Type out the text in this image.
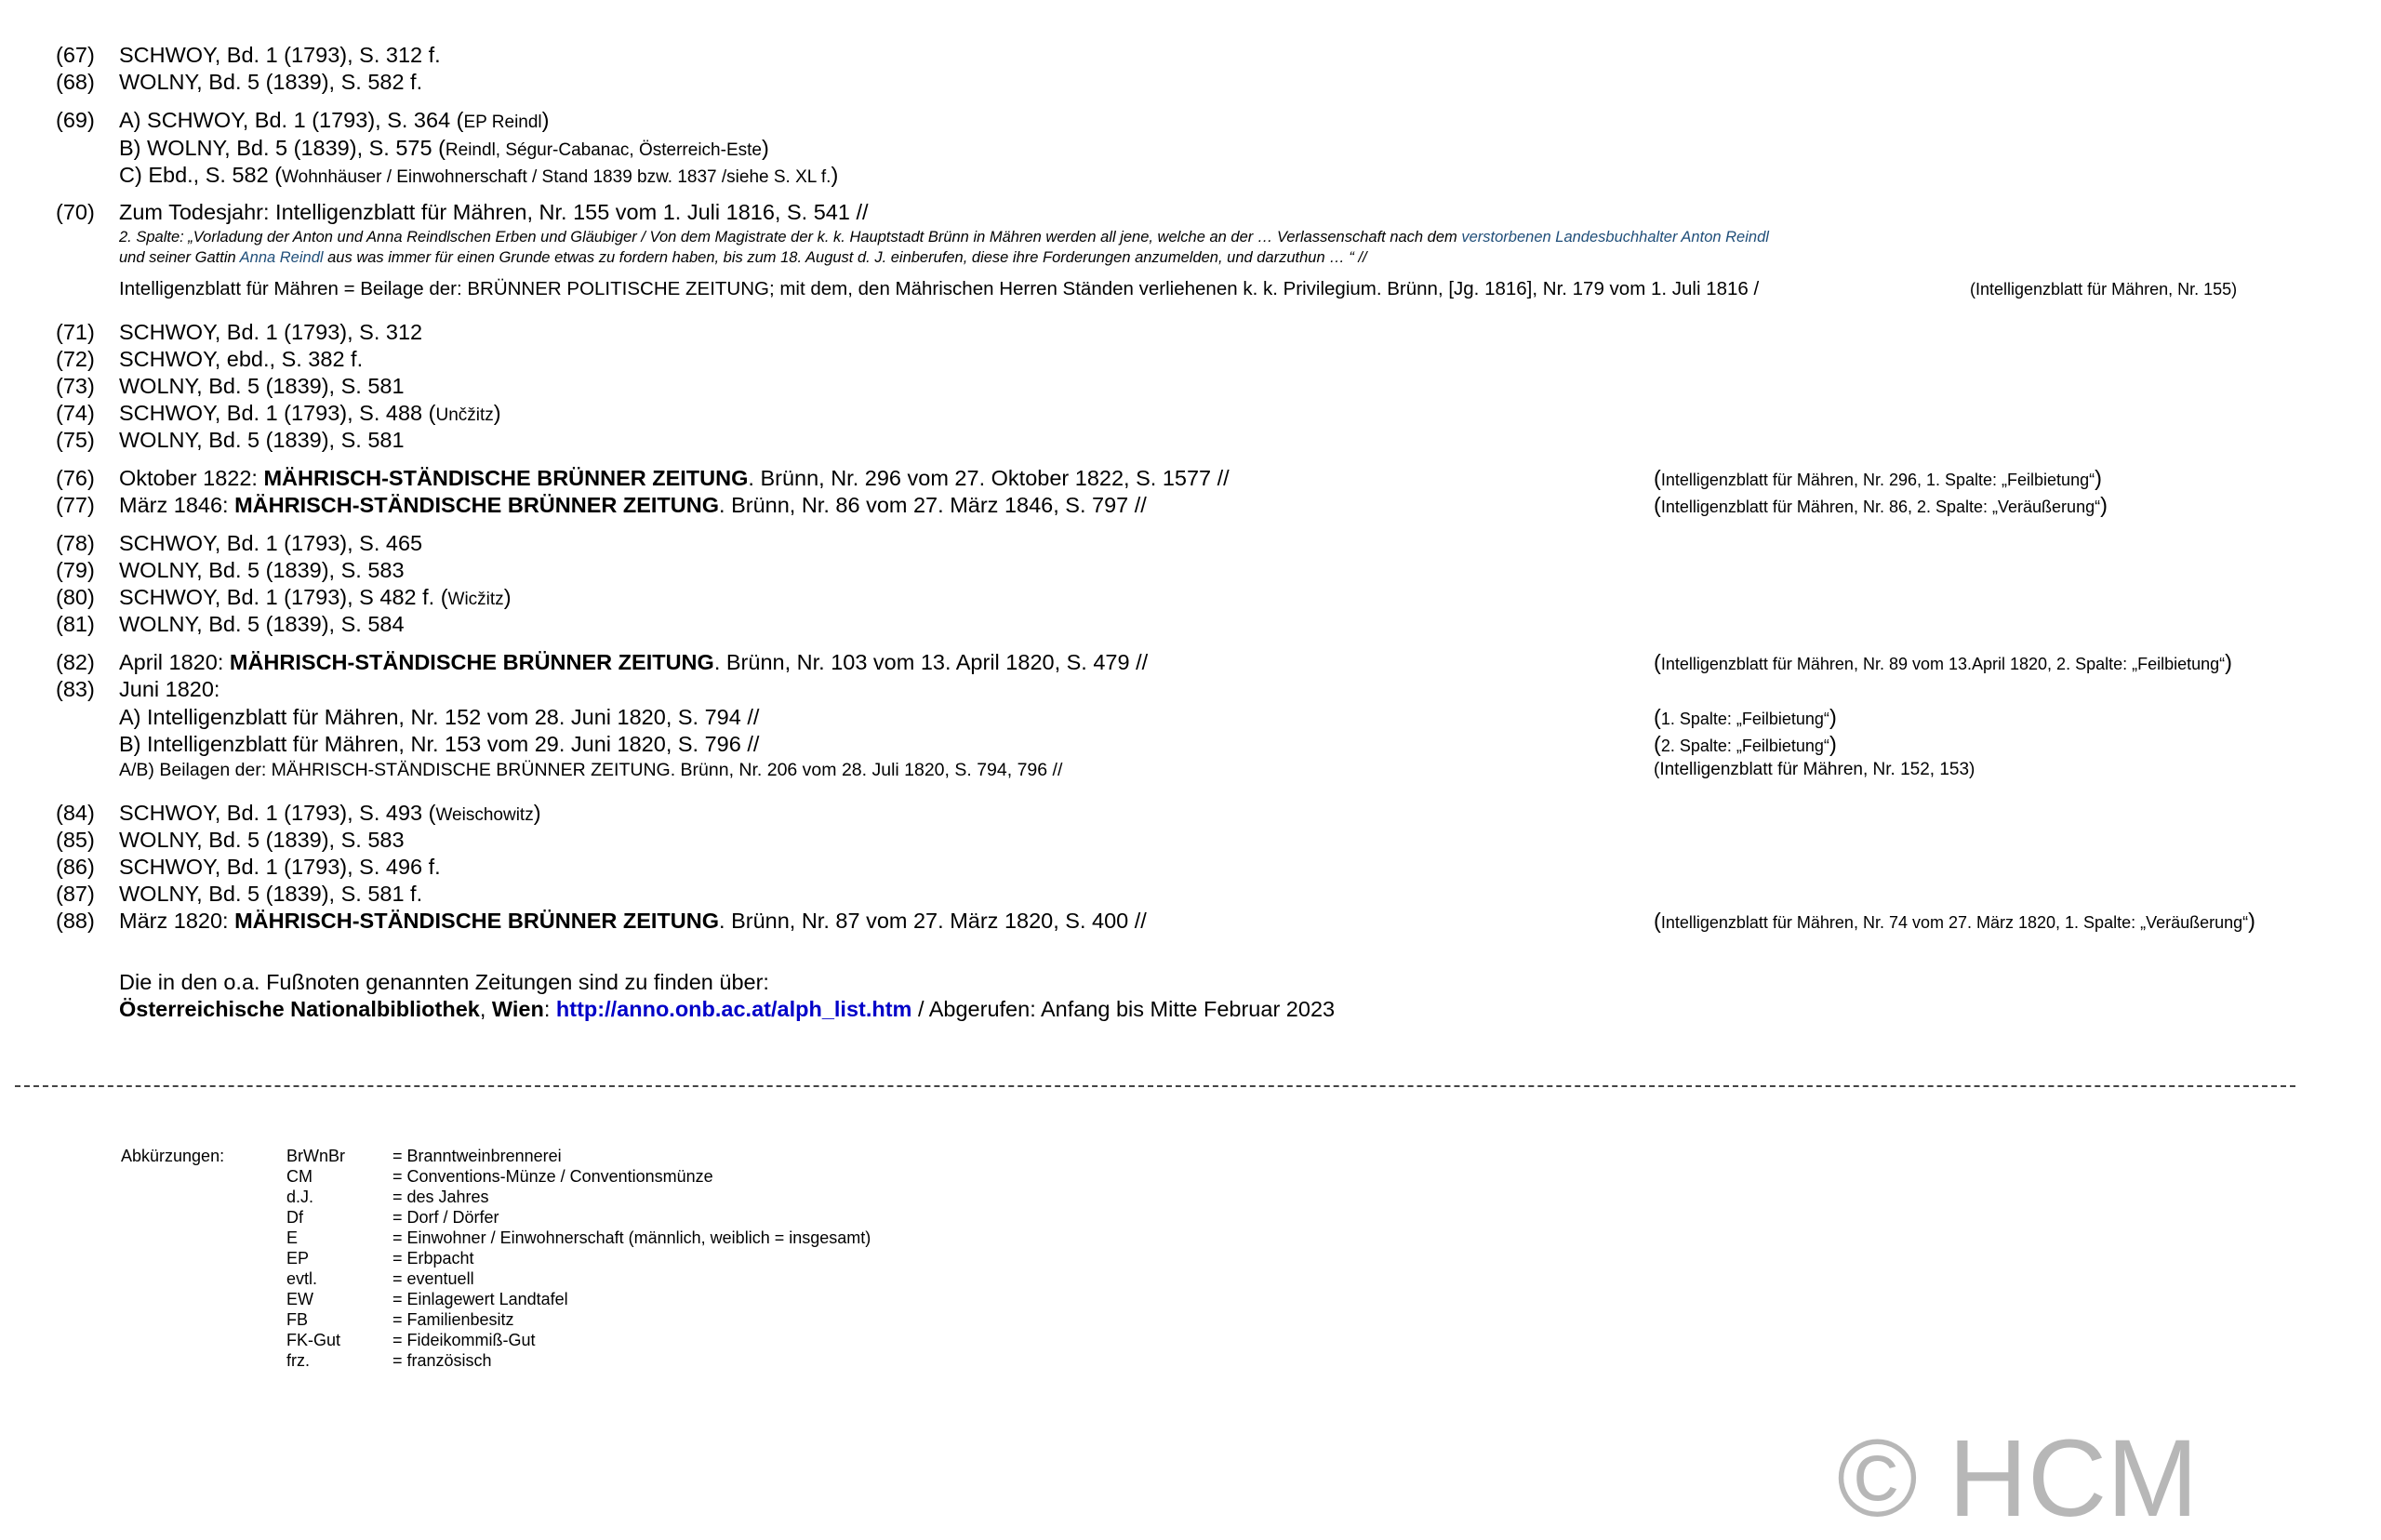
(67) SCHWOY, Bd. 1 (1793), S. 312 f.
(68) WOLNY, Bd. 5 (1839), S. 582 f.
(69) A) SCHWOY, Bd. 1 (1793), S. 364 (EP Reindl)
B) WOLNY, Bd. 5 (1839), S. 575 (Reindl, Ségur-Cabanac, Österreich-Este)
C) Ebd., S. 582 (Wohnhäuser / Einwohnerschaft / Stand 1839 bzw. 1837 /siehe S. XL f.)
(70) Zum Todesjahr: Intelligenzblatt für Mähren, Nr. 155 vom 1. Juli 1816, S. 541 //
2. Spalte: „Vorladung der Anton und Anna Reindlschen Erben und Gläubiger / Von dem Magistrate der k. k. Hauptstadt Brünn in Mähren werden all jene, welche an der … Verlassenschaft nach dem verstorbenen Landesbuchhalter Anton Reindl
und seiner Gattin Anna Reindl aus was immer für einen Grunde etwas zu fordern haben, bis zum 18. August d. J. einberufen, diese ihre Forderungen anzumelden, und darzuthun … “ //
Intelligenzblatt für Mähren = Beilage der: BRÜNNER POLITISCHE ZEITUNG; mit dem, den Mährischen Herren Ständen verliehenen k. k. Privilegium. Brünn, [Jg. 1816], Nr. 179 vom 1. Juli 1816 /	(Intelligenzblatt für Mähren, Nr. 155)
(71) SCHWOY, Bd. 1 (1793), S. 312
(72) SCHWOY, ebd., S. 382 f.
(73) WOLNY, Bd. 5 (1839), S. 581
(74) SCHWOY, Bd. 1 (1793), S. 488 (Unčžitz)
(75) WOLNY, Bd. 5 (1839), S. 581
(76) Oktober 1822: MÄHRISCH-STÄNDISCHE BRÜNNER ZEITUNG. Brünn, Nr. 296 vom 27. Oktober 1822, S. 1577 //	(Intelligenzblatt für Mähren, Nr. 296, 1. Spalte: „Feilbietung“)
(77) März 1846: MÄHRISCH-STÄNDISCHE BRÜNNER ZEITUNG. Brünn, Nr. 86 vom 27. März 1846, S. 797 //	(Intelligenzblatt für Mähren, Nr. 86, 2. Spalte: „Veräußerung“)
(78) SCHWOY, Bd. 1 (1793), S. 465
(79) WOLNY, Bd. 5 (1839), S. 583
(80) SCHWOY, Bd. 1 (1793), S 482 f. (Wicžitz)
(81) WOLNY, Bd. 5 (1839), S. 584
(82) April 1820: MÄHRISCH-STÄNDISCHE BRÜNNER ZEITUNG. Brünn, Nr. 103 vom 13. April 1820, S. 479 //	(Intelligenzblatt für Mähren, Nr. 89 vom 13.April 1820, 2. Spalte: „Feilbietung“)
(83) Juni 1820:
A) Intelligenzblatt für Mähren, Nr. 152 vom 28. Juni 1820, S. 794 //	(1. Spalte: „Feilbietung“)
B) Intelligenzblatt für Mähren, Nr. 153 vom 29. Juni 1820, S. 796 //	(2. Spalte: „Feilbietung“)
A/B) Beilagen der: MÄHRISCH-STÄNDISCHE BRÜNNER ZEITUNG. Brünn, Nr. 206 vom 28. Juli 1820, S. 794, 796 //	(Intelligenzblatt für Mähren, Nr. 152, 153)
(84) SCHWOY, Bd. 1 (1793), S. 493 (Weischowitz)
(85) WOLNY, Bd. 5 (1839), S. 583
(86) SCHWOY, Bd. 1 (1793), S. 496 f.
(87) WOLNY, Bd. 5 (1839), S. 581 f.
(88) März 1820: MÄHRISCH-STÄNDISCHE BRÜNNER ZEITUNG. Brünn, Nr. 87 vom 27. März 1820, S. 400 //	(Intelligenzblatt für Mähren, Nr. 74 vom 27. März 1820, 1. Spalte: „Veräußerung“)
Die in den o.a. Fußnoten genannten Zeitungen sind zu finden über:
Österreichische Nationalbibliothek, Wien: http://anno.onb.ac.at/alph_list.htm / Abgerufen: Anfang bis Mitte Februar 2023
Abkürzungen:	BrWnBr	= Branntweinbrennerei
CM	= Conventions-Münze / Conventionsmünze
d.J.	= des Jahres
Df	= Dorf / Dörfer
E	= Einwohner / Einwohnerschaft (männlich, weiblich = insgesamt)
EP	= Erbpacht
evtl.	= eventuell
EW	= Einlagewert Landtafel
FB	= Familienbesitz
FK-Gut	= Fideikommiß-Gut
frz.	= französisch
© HCM
